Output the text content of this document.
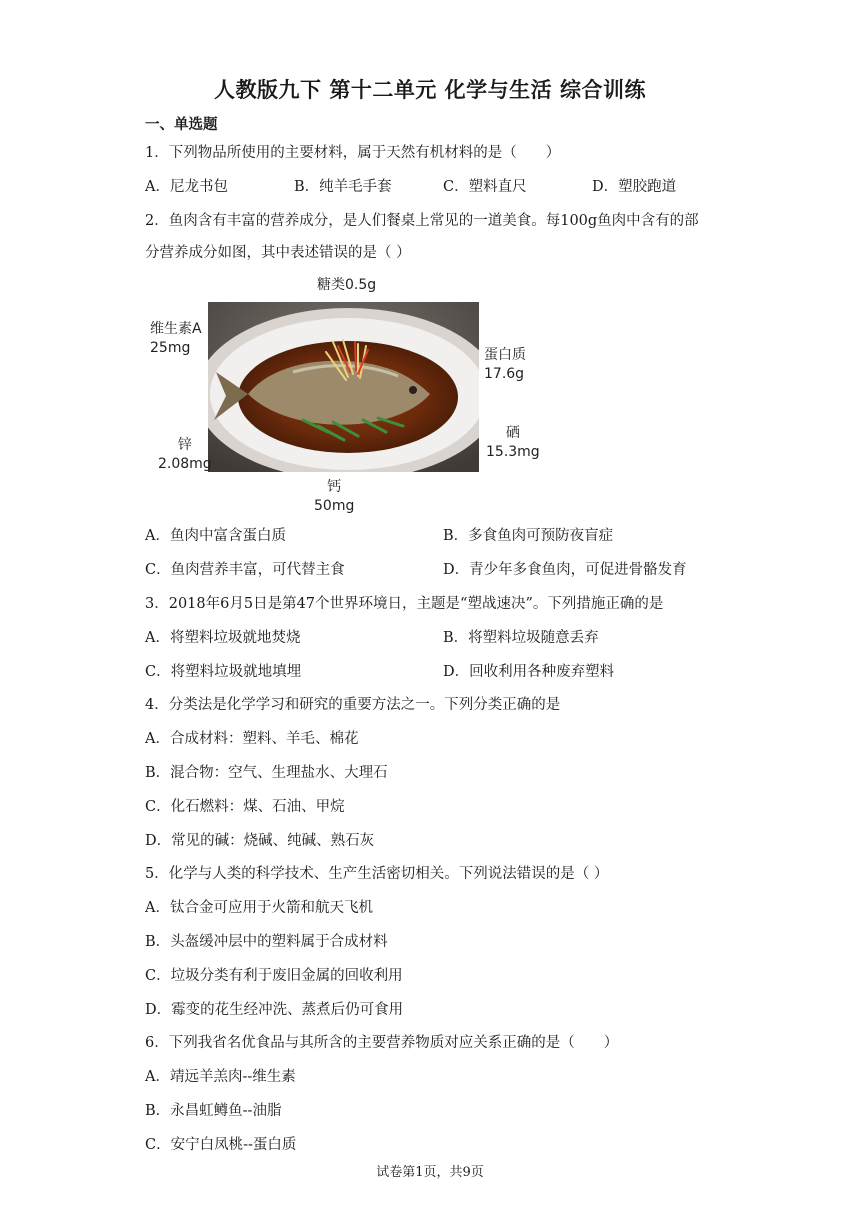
人教版九下 第十二单元 化学与生活 综合训练
一、单选题
1．下列物品所使用的主要材料，属于天然有机材料的是（　　）
A．尼龙书包	B．纯羊毛手套	C．塑料直尺	D．塑胶跑道
2．鱼肉含有丰富的营养成分，是人们餐桌上常见的一道美食。每100g鱼肉中含有的部
分营养成分如图，其中表述错误的是（ ）
糖类0.5g
维生素A
25mg	蛋白质
17.6g
锌
2.08mg
硒
15.3mg
钙
50mg
A．鱼肉中富含蛋白质	B．多食鱼肉可预防夜盲症
C．鱼肉营养丰富，可代替主食	D．青少年多食鱼肉，可促进骨骼发育
3．2018年6月5日是第47个世界环境日，主题是“塑战速决”。下列措施正确的是
A．将塑料垃圾就地焚烧	B．将塑料垃圾随意丢弃
C．将塑料垃圾就地填埋	D．回收利用各种废弃塑料
4．分类法是化学学习和研究的重要方法之一。下列分类正确的是
A．合成材料：塑料、羊毛、棉花
B．混合物：空气、生理盐水、大理石
C．化石燃料：煤、石油、甲烷
D．常见的碱：烧碱、纯碱、熟石灰
5．化学与人类的科学技术、生产生活密切相关。下列说法错误的是（ ）
A．钛合金可应用于火箭和航天飞机
B．头盔缓冲层中的塑料属于合成材料
C．垃圾分类有利于废旧金属的回收利用
D．霉变的花生经冲洗、蒸煮后仍可食用
6．下列我省名优食品与其所含的主要营养物质对应关系正确的是（　　）
A．靖远羊羔肉--维生素
B．永昌虹鳟鱼--油脂
C．安宁白凤桃--蛋白质
试卷第1页，共9页
